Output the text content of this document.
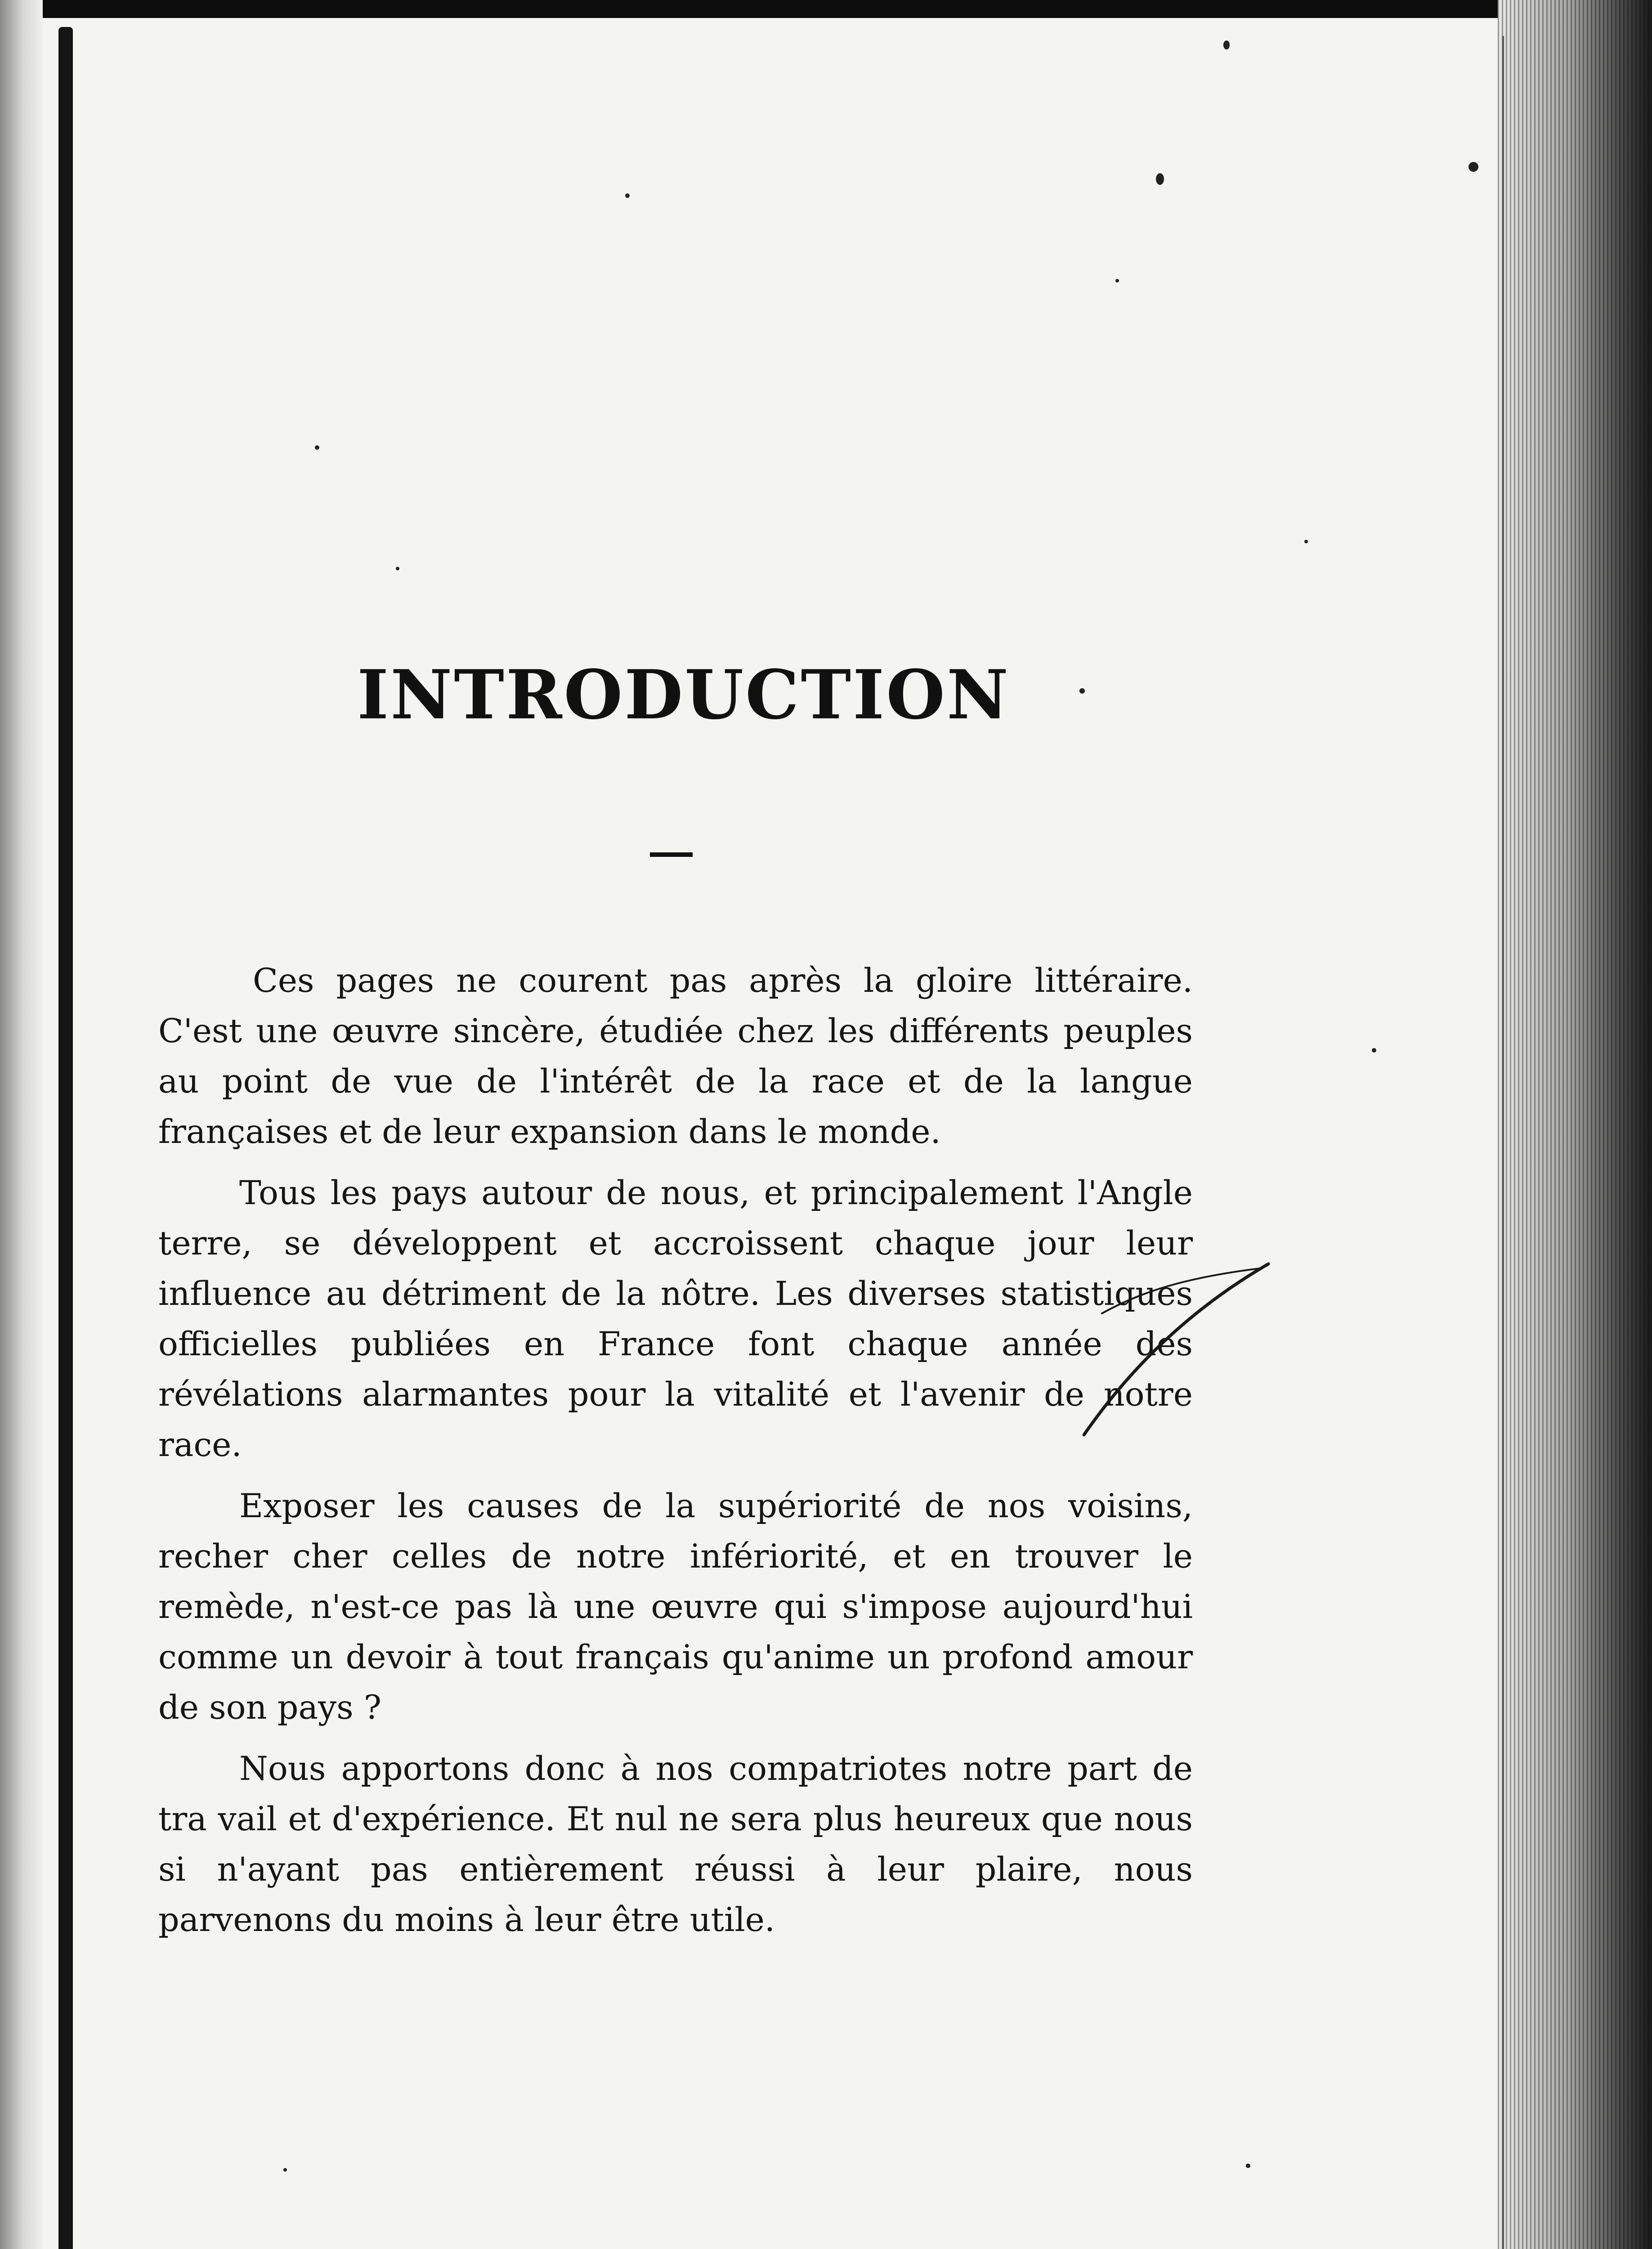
INTRODUCTION

Ces pages ne courent pas après la gloire littéraire. C'est une œuvre sincère, étudiée chez les différents peuples au point de vue de l'intérêt de la race et de la langue françaises et de leur expansion dans le monde.

Tous les pays autour de nous, et principalement l'Angle terre, se développent et accroissent chaque jour leur influence au détriment de la nôtre. Les diverses statistiques officielles publiées en France font chaque année des révélations alarmantes pour la vitalité et l'avenir de notre race.

Exposer les causes de la supériorité de nos voisins, recher cher celles de notre infériorité, et en trouver le remède, n'est-ce pas là une œuvre qui s'impose aujourd'hui comme un devoir à tout français qu'anime un profond amour de son pays ?

Nous apportons donc à nos compatriotes notre part de tra vail et d'expérience. Et nul ne sera plus heureux que nous si n'ayant pas entièrement réussi à leur plaire, nous parvenons du moins à leur être utile.
